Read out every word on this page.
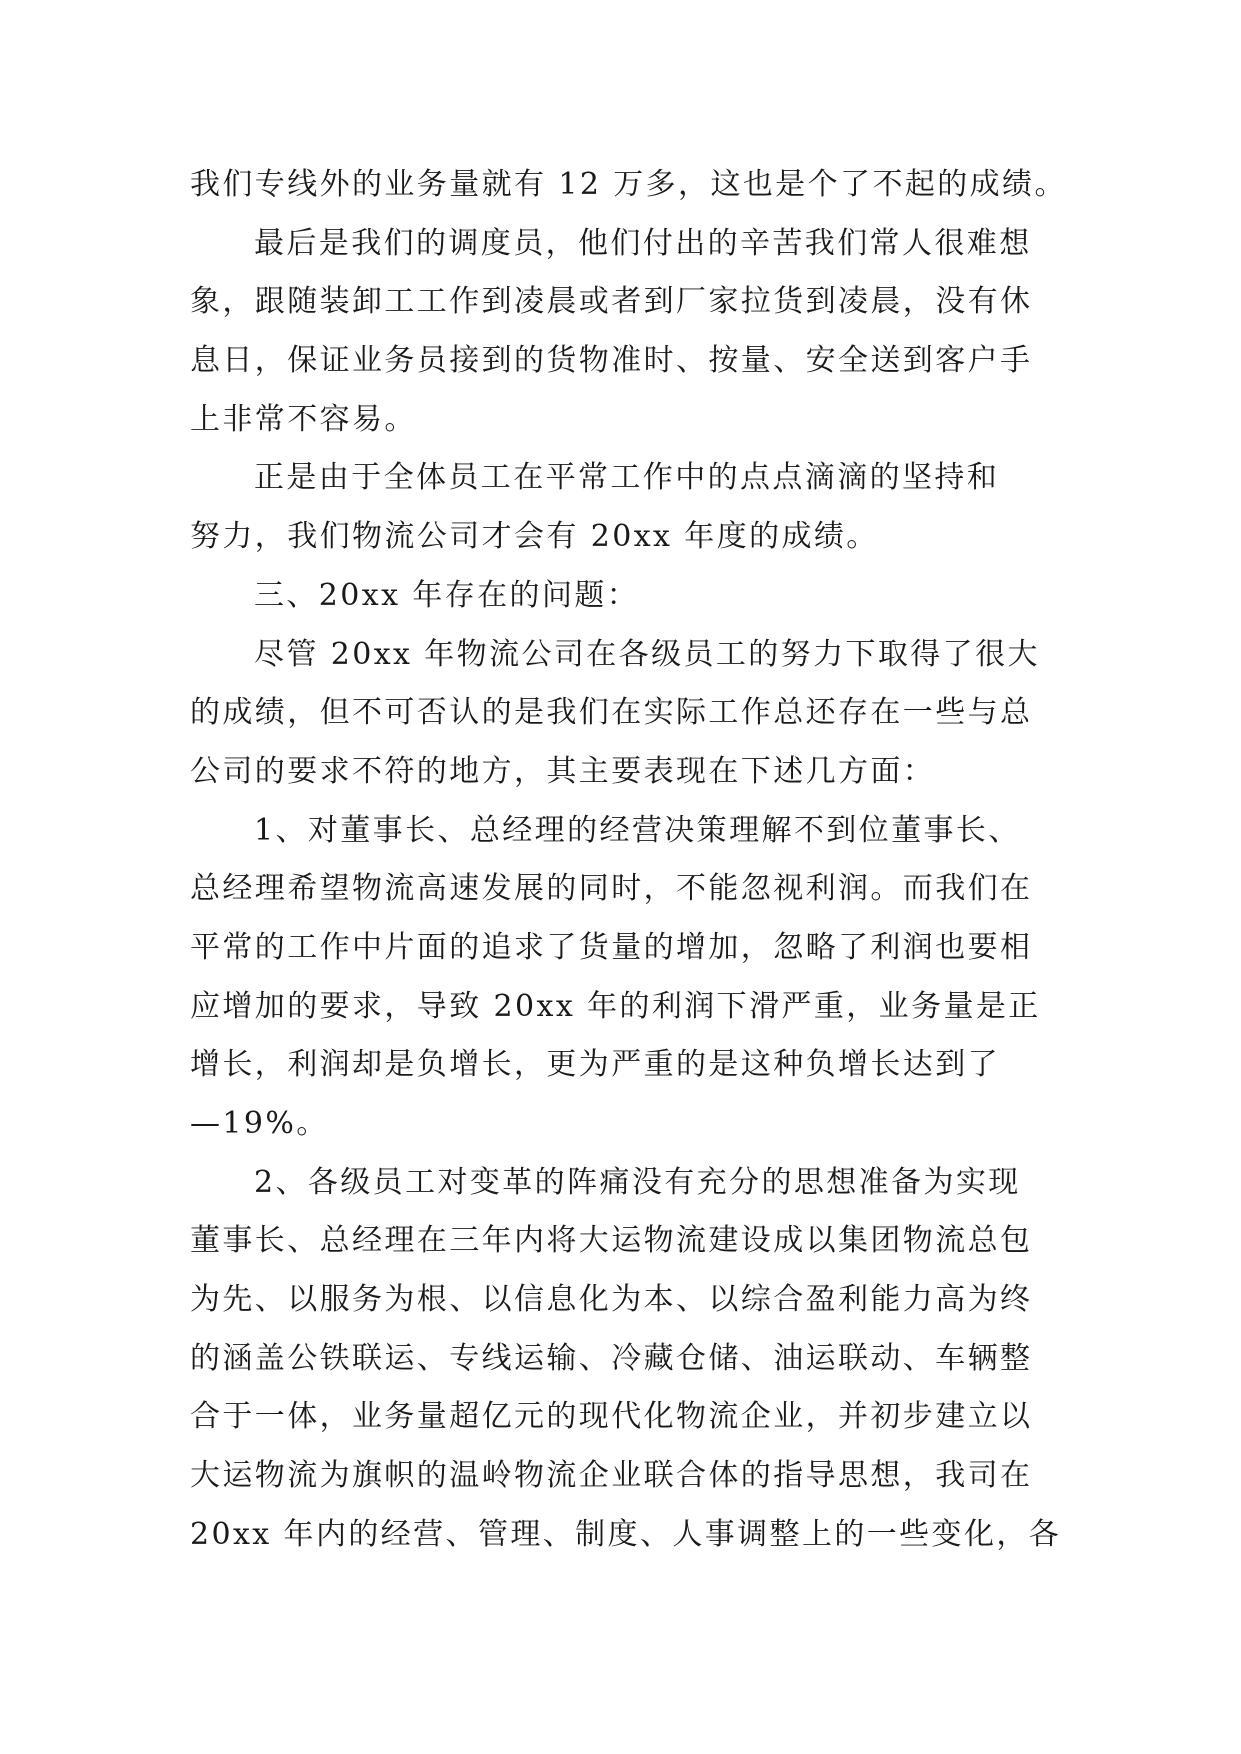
我们专线外的业务量就有 12 万多，这也是个了不起的成绩。
最后是我们的调度员，他们付出的辛苦我们常人很难想
象，跟随装卸工工作到凌晨或者到厂家拉货到凌晨，没有休
息日，保证业务员接到的货物准时、按量、安全送到客户手
上非常不容易。
正是由于全体员工在平常工作中的点点滴滴的坚持和
努力，我们物流公司才会有 20xx 年度的成绩。
三、20xx 年存在的问题：
尽管 20xx 年物流公司在各级员工的努力下取得了很大
的成绩，但不可否认的是我们在实际工作总还存在一些与总
公司的要求不符的地方，其主要表现在下述几方面：
1、对董事长、总经理的经营决策理解不到位董事长、
总经理希望物流高速发展的同时，不能忽视利润。而我们在
平常的工作中片面的追求了货量的增加，忽略了利润也要相
应增加的要求，导致 20xx 年的利润下滑严重，业务量是正
增长，利润却是负增长，更为严重的是这种负增长达到了
—19%。
2、各级员工对变革的阵痛没有充分的思想准备为实现
董事长、总经理在三年内将大运物流建设成以集团物流总包
为先、以服务为根、以信息化为本、以综合盈利能力高为终
的涵盖公铁联运、专线运输、冷藏仓储、油运联动、车辆整
合于一体，业务量超亿元的现代化物流企业，并初步建立以
大运物流为旗帜的温岭物流企业联合体的指导思想，我司在
20xx 年内的经营、管理、制度、人事调整上的一些变化，各
